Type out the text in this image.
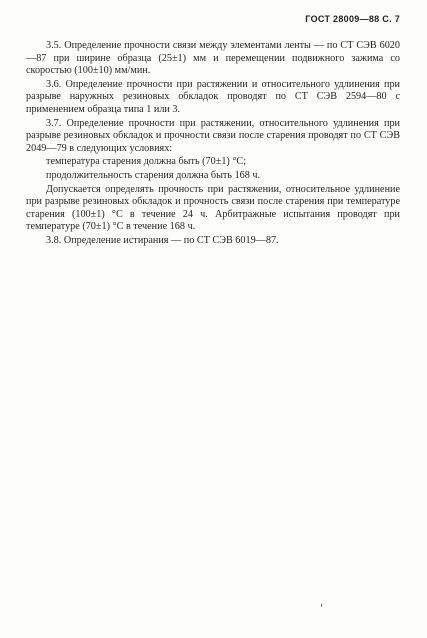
ГОСТ 28009—88 С. 7

3.5. Определение прочности связи между элементами ленты — по СТ СЭВ 6020—87 при ширине образца (25±1) мм и перемещении подвижного зажима со скоростью (100±10) мм/мин.

3.6. Определение прочности при растяжении и относительного удлинения при разрыве наружных резиновых обкладок проводят по СТ СЭВ 2594—80 с применением образца типа 1 или 3.

3.7. Определение прочности при растяжении, относительного удлинения при разрыве резиновых обкладок и прочности связи после старения проводят по СТ СЭВ 2049—79 в следующих условиях:

температура старения должна быть (70±1) °С;

продолжительность старения должна быть 168 ч.

Допускается определять прочность при растяжении, относительное удлинение при разрыве резиновых обкладок и прочность связи после старения при температуре старения (100±1) °С в течение 24 ч. Арбитражные испытания проводят при температуре (70±1) °С в течение 168 ч.

3.8. Определение истирания — по СТ СЭВ 6019—87.
